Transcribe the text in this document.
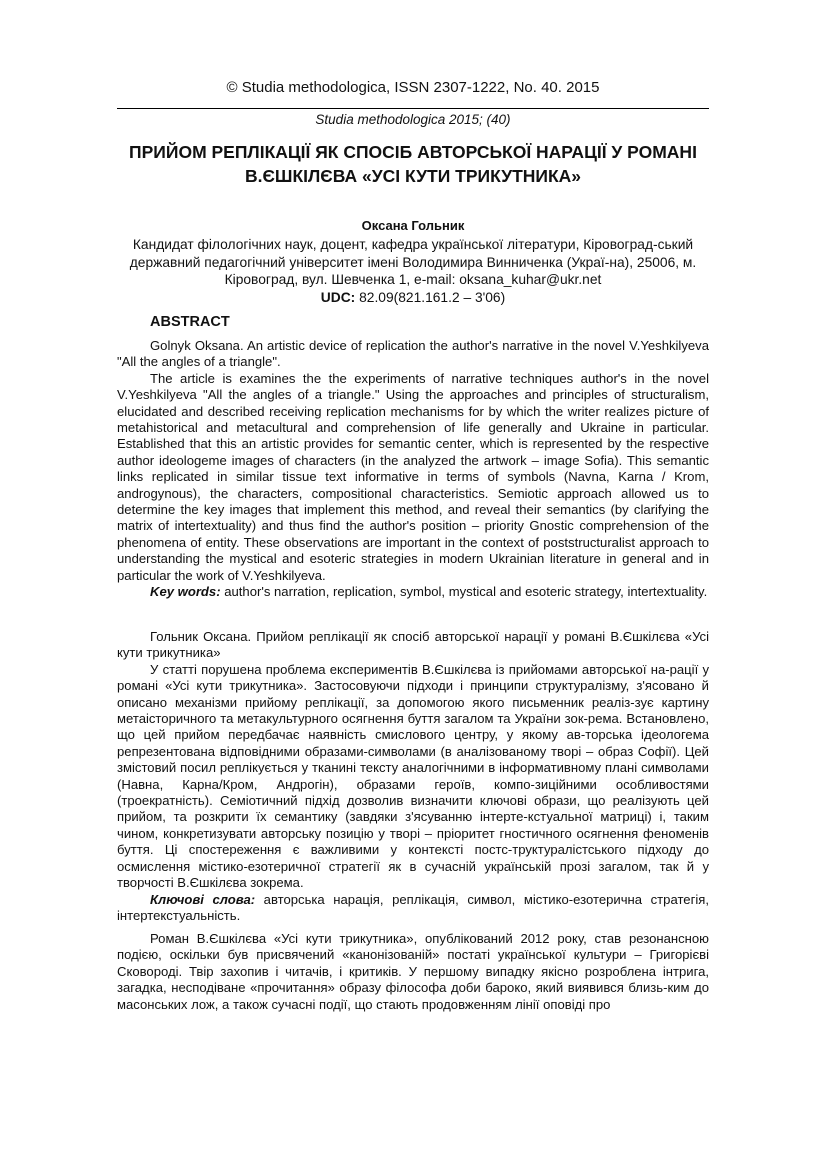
© Studia methodologica, ISSN 2307-1222, No. 40. 2015
Studia methodologica 2015; (40)
ПРИЙОМ РЕПЛІКАЦІЇ ЯК СПОСІБ АВТОРСЬКОЇ НАРАЦІЇ У РОМАНІ В.ЄШКІЛЄВА «УСІ КУТИ ТРИКУТНИКА»
Оксана Гольник
Кандидат філологічних наук, доцент, кафедра української літератури, Кіровоград-ський державний педагогічний університет імені Володимира Винниченка (Украї-на), 25006, м. Кіровоград, вул. Шевченка 1, e-mail: oksana_kuhar@ukr.net
UDC: 82.09(821.161.2 – 3'06)
ABSTRACT

Golnyk Oksana. An artistic device of replication the author's narrative in the novel V.Yeshkilyeva "All the angles of a triangle".

The article is examines the the experiments of narrative techniques author's in the novel V.Yeshkilyeva "All the angles of a triangle." Using the approaches and principles of structuralism, elucidated and described receiving replication mechanisms for by which the writer realizes picture of metahistorical and metacultural and comprehension of life generally and Ukraine in particular. Established that this an artistic provides for semantic center, which is represented by the respective author ideologeme images of characters (in the analyzed the artwork – image Sofia). This semantic links replicated in similar tissue text informative in terms of symbols (Navna, Karna / Krom, androgynous), the characters, compositional characteristics. Semiotic approach allowed us to determine the key images that implement this method, and reveal their semantics (by clarifying the matrix of intertextuality) and thus find the author's position – priority Gnostic comprehension of the phenomena of entity. These observations are important in the context of poststructuralist approach to understanding the mystical and esoteric strategies in modern Ukrainian literature in general and in particular the work of V.Yeshkilyeva.

Key words: author's narration, replication, symbol, mystical and esoteric strategy, intertextuality.

Гольник Оксана. Прийом реплікації як спосіб авторської нарації у романі В.Єшкілєва «Усі кути трикутника»

У статті порушена проблема експериментів В.Єшкілєва із прийомами авторської на-рації у романі «Усі кути трикутника». Застосовуючи підходи і принципи структуралізму, з'ясовано й описано механізми прийому реплікації, за допомогою якого письменник реаліз-зує картину метаісторичного та метакультурного осягнення буття загалом та України зок-рема. Встановлено, що цей прийом передбачає наявність смислового центру, у якому ав-торська ідеологема репрезентована відповідними образами-символами (в аналізованому творі – образ Софії). Цей змістовий посил реплікується у тканині тексту аналогічними в інформативному плані символами (Навна, Карна/Кром, Андрогін), образами героїв, компо-зиційними особливостями (троекратність). Семіотичний підхід дозволив визначити ключові образи, що реалізують цей прийом, та розкрити їх семантику (завдяки з'ясуванню інтерте-кстуальної матриці) і, таким чином, конкретизувати авторську позицію у творі – пріоритет гностичного осягнення феноменів буття. Ці спостереження є важливими у контексті постс-труктуралістського підходу до осмислення містико-езотеричної стратегії як в сучасній українській прозі загалом, так й у творчості В.Єшкілєва зокрема.

Ключові слова: авторська нарація, реплікація, символ, містико-езотерична стратегія, інтертекстуальність.

Роман В.Єшкілєва «Усі кути трикутника», опублікований 2012 року, став резонансною подією, оскільки був присвячений «канонізованій» постаті української культури – Григорієві Сковороді. Твір захопив і читачів, і критиків. У першому випадку якісно розроблена інтрига, загадка, несподіване «прочитання» образу філософа доби бароко, який виявився близь-ким до масонських лож, а також сучасні події, що стають продовженням лінії оповіді про
